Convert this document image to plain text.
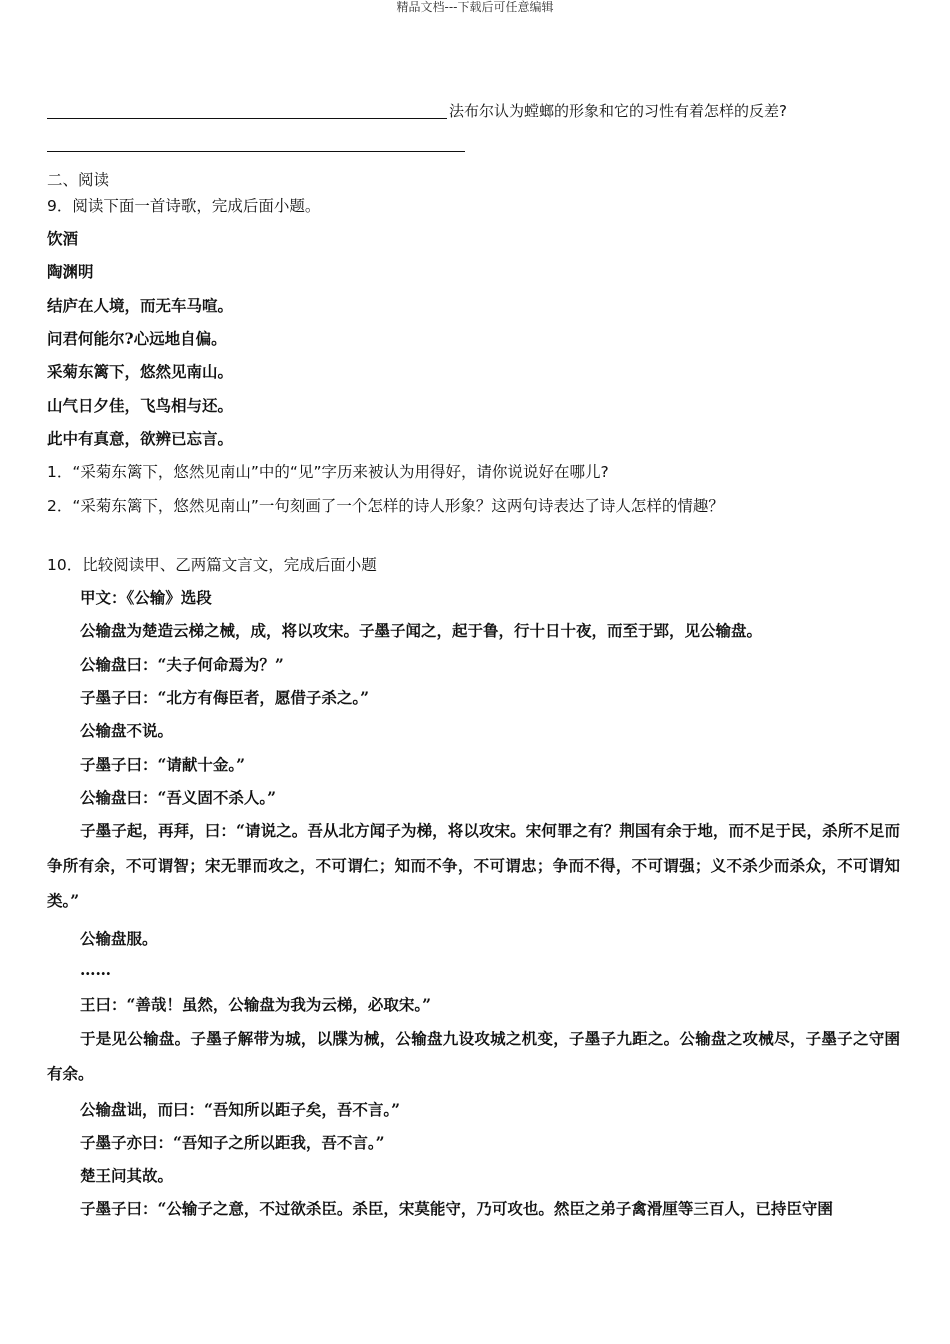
精品文档---下载后可任意编辑
法布尔认为螳螂的形象和它的习性有着怎样的反差?
二、阅读
9．阅读下面一首诗歌，完成后面小题。
饮酒
陶渊明
结庐在人境，而无车马喧。
问君何能尔?心远地自偏。
采菊东篱下，悠然见南山。
山气日夕佳，飞鸟相与还。
此中有真意，欲辨已忘言。
1．“采菊东篱下，悠然见南山”中的“见”字历来被认为用得好，请你说说好在哪儿?
2．“采菊东篱下，悠然见南山”一句刻画了一个怎样的诗人形象？这两句诗表达了诗人怎样的情趣？
10．比较阅读甲、乙两篇文言文，完成后面小题
甲文：《公输》选段
公输盘为楚造云梯之械，成，将以攻宋。子墨子闻之，起于鲁，行十日十夜，而至于郢，见公输盘。
公输盘曰：“夫子何命焉为？”
子墨子曰：“北方有侮臣者，愿借子杀之。”
公输盘不说。
子墨子曰：“请献十金。”
公输盘曰：“吾义固不杀人。”
子墨子起，再拜，曰：“请说之。吾从北方闻子为梯，将以攻宋。宋何罪之有？荆国有余于地，而不足于民，杀所不足而争所有余，不可谓智；宋无罪而攻之，不可谓仁；知而不争，不可谓忠；争而不得，不可谓强；义不杀少而杀众，不可谓知类。”
公输盘服。
……
王曰：“善哉！虽然，公输盘为我为云梯，必取宋。”
于是见公输盘。子墨子解带为城，以牒为械，公输盘九设攻城之机变，子墨子九距之。公输盘之攻械尽，子墨子之守圉有余。
公输盘诎，而曰：“吾知所以距子矣，吾不言。”
子墨子亦曰：“吾知子之所以距我，吾不言。”
楚王问其故。
子墨子曰：“公输子之意，不过欲杀臣。杀臣，宋莫能守，乃可攻也。然臣之弟子禽滑厘等三百人，已持臣守圉
